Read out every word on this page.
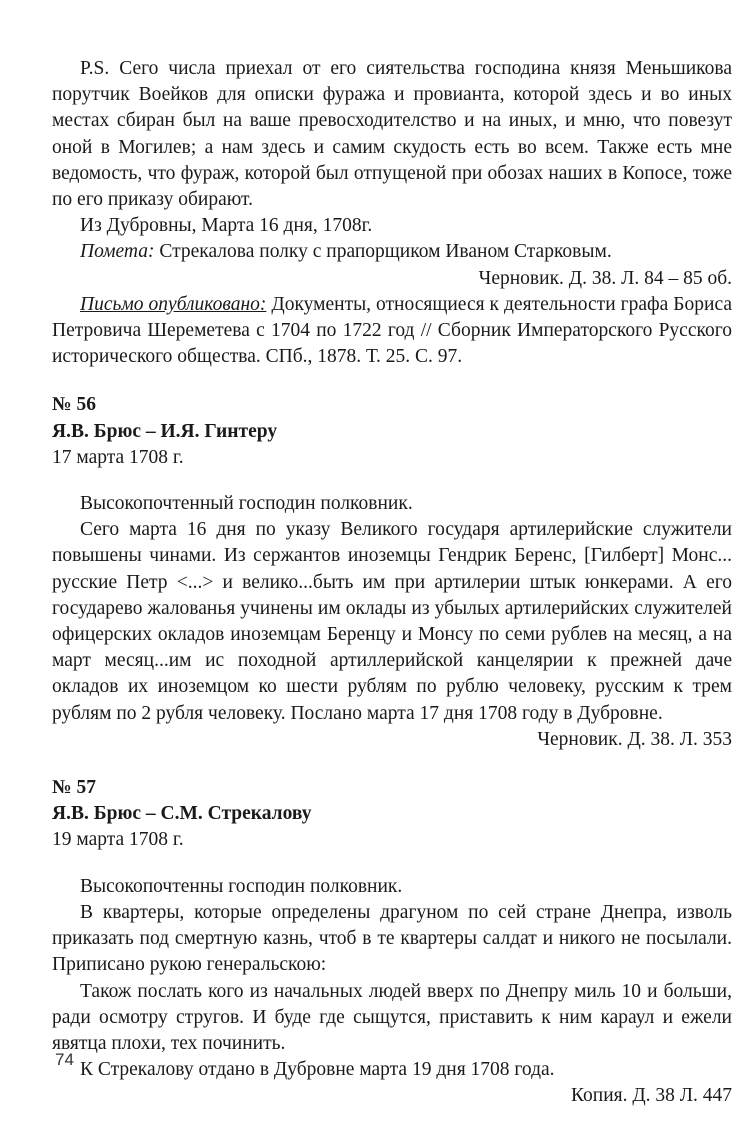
P.S. Сего числа приехал от его сиятельства господина князя Меньшикова порутчик Воейков для описки фуража и провианта, которой здесь и во иных местах сбиран был на ваше превосходителство и на иных, и мню, что повезут оной в Могилев; а нам здесь и самим скудость есть во всем. Также есть мне ведомость, что фураж, которой был отпущеной при обозах наших в Копосе, тоже по его приказу обирают.

Из Дубровны, Марта 16 дня, 1708г.

Помета: Стрекалова полку с прапорщиком Иваном Старковым.

Черновик. Д. 38. Л. 84 – 85 об.

Письмо опубликовано: Документы, относящиеся к деятельности графа Бориса Петровича Шереметева с 1704 по 1722 год // Сборник Императорского Русского исторического общества. СПб., 1878. Т. 25. С. 97.

№ 56

Я.В. Брюс – И.Я. Гинтеру

17 марта 1708 г.

Высокопочтенный господин полковник.

Сего марта 16 дня по указу Великого государя артилерийские служители повышены чинами. Из сержантов иноземцы Гендрик Беренс, [Гилберт] Монс... русские Петр <...> и велико...быть им при артилерии штык юнкерами. А его государево жалованья учинены им оклады из убылых артилерийских служителей офицерских окладов иноземцам Беренцу и Монсу по семи рублев на месяц, а на март месяц...им ис походной артиллерийской канцелярии к прежней даче окладов их иноземцом ко шести рублям по рублю человеку, русским к трем рублям по 2 рубля человеку. Послано марта 17 дня 1708 году в Дубровне.

Черновик. Д. 38. Л. 353

№ 57

Я.В. Брюс – С.М. Стрекалову

19 марта 1708 г.

Высокопочтенны господин полковник.

В квартеры, которые определены драгуном по сей стране Днепра, изволь приказать под смертную казнь, чтоб в те квартеры салдат и никого не посылали. Приписано рукою генеральскою:

Також послать кого из начальных людей вверх по Днепру миль 10 и больши, ради осмотру стругов. И буде где сыщутся, приставить к ним караул и ежели явятца плохи, тех починить.

К Стрекалову отдано в Дубровне марта 19 дня 1708 года.

Копия. Д. 38 Л. 447

74
